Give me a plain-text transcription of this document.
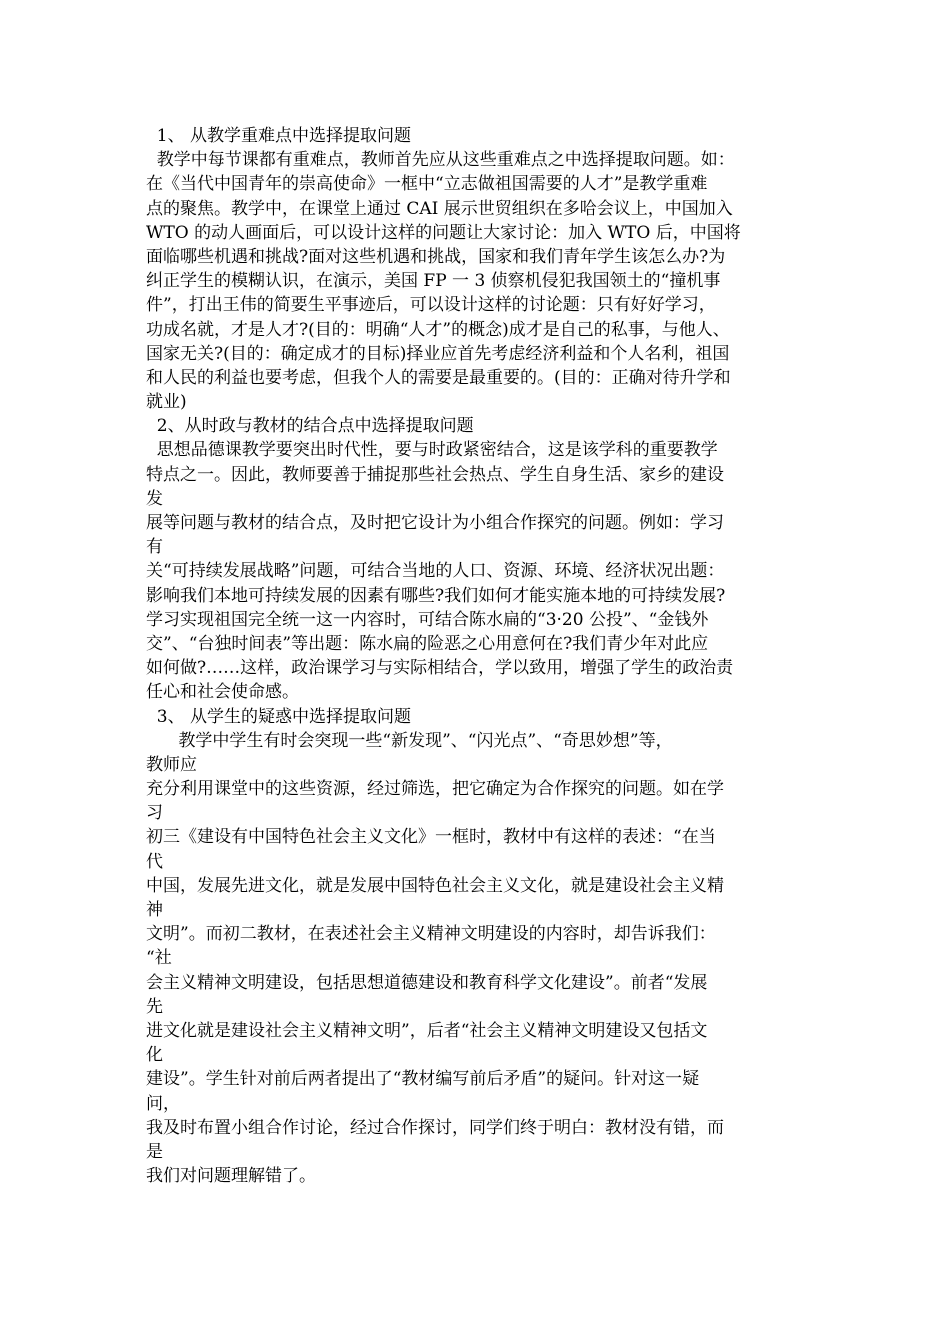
1、 从教学重难点中选择提取问题
教学中每节课都有重难点，教师首先应从这些重难点之中选择提取问题。如：
在《当代中国青年的崇高使命》一框中“立志做祖国需要的人才”是教学重难
点的聚焦。教学中，在课堂上通过 CAI 展示世贸组织在多哈会议上，中国加入
WTO 的动人画面后，可以设计这样的问题让大家讨论：加入 WTO 后，中国将
面临哪些机遇和挑战?面对这些机遇和挑战，国家和我们青年学生该怎么办?为
纠正学生的模糊认识，在演示，美国 FP 一 3 侦察机侵犯我国领土的“撞机事
件”，打出王伟的简要生平事迹后，可以设计这样的讨论题：只有好好学习，
功成名就，才是人才?(目的：明确“人才”的概念)成才是自己的私事，与他人、
国家无关?(目的：确定成才的目标)择业应首先考虑经济利益和个人名利，祖国
和人民的利益也要考虑，但我个人的需要是最重要的。(目的：正确对待升学和
就业)
2、从时政与教材的结合点中选择提取问题
思想品德课教学要突出时代性，要与时政紧密结合，这是该学科的重要教学
特点之一。因此，教师要善于捕捉那些社会热点、学生自身生活、家乡的建设
发
展等问题与教材的结合点，及时把它设计为小组合作探究的问题。例如：学习
有
关“可持续发展战略”问题，可结合当地的人口、资源、环境、经济状况出题：
影响我们本地可持续发展的因素有哪些?我们如何才能实施本地的可持续发展?
学习实现祖国完全统一这一内容时，可结合陈水扁的“3·20 公投”、“金钱外
交”、“台独时间表”等出题：陈水扁的险恶之心用意何在?我们青少年对此应
如何做?……这样，政治课学习与实际相结合，学以致用，增强了学生的政治责
任心和社会使命感。
3、 从学生的疑惑中选择提取问题
教学中学生有时会突现一些“新发现”、“闪光点”、“奇思妙想”等，
教师应
充分利用课堂中的这些资源，经过筛选，把它确定为合作探究的问题。如在学
习
初三《建设有中国特色社会主义文化》一框时，教材中有这样的表述：“在当
代
中国，发展先进文化，就是发展中国特色社会主义文化，就是建设社会主义精
神
文明”。而初二教材，在表述社会主义精神文明建设的内容时，却告诉我们：
“社
会主义精神文明建设，包括思想道德建设和教育科学文化建设”。前者“发展
先
进文化就是建设社会主义精神文明”，后者“社会主义精神文明建设又包括文
化
建设”。学生针对前后两者提出了“教材编写前后矛盾”的疑问。针对这一疑
问，
我及时布置小组合作讨论，经过合作探讨，同学们终于明白：教材没有错，而
是
我们对问题理解错了。
